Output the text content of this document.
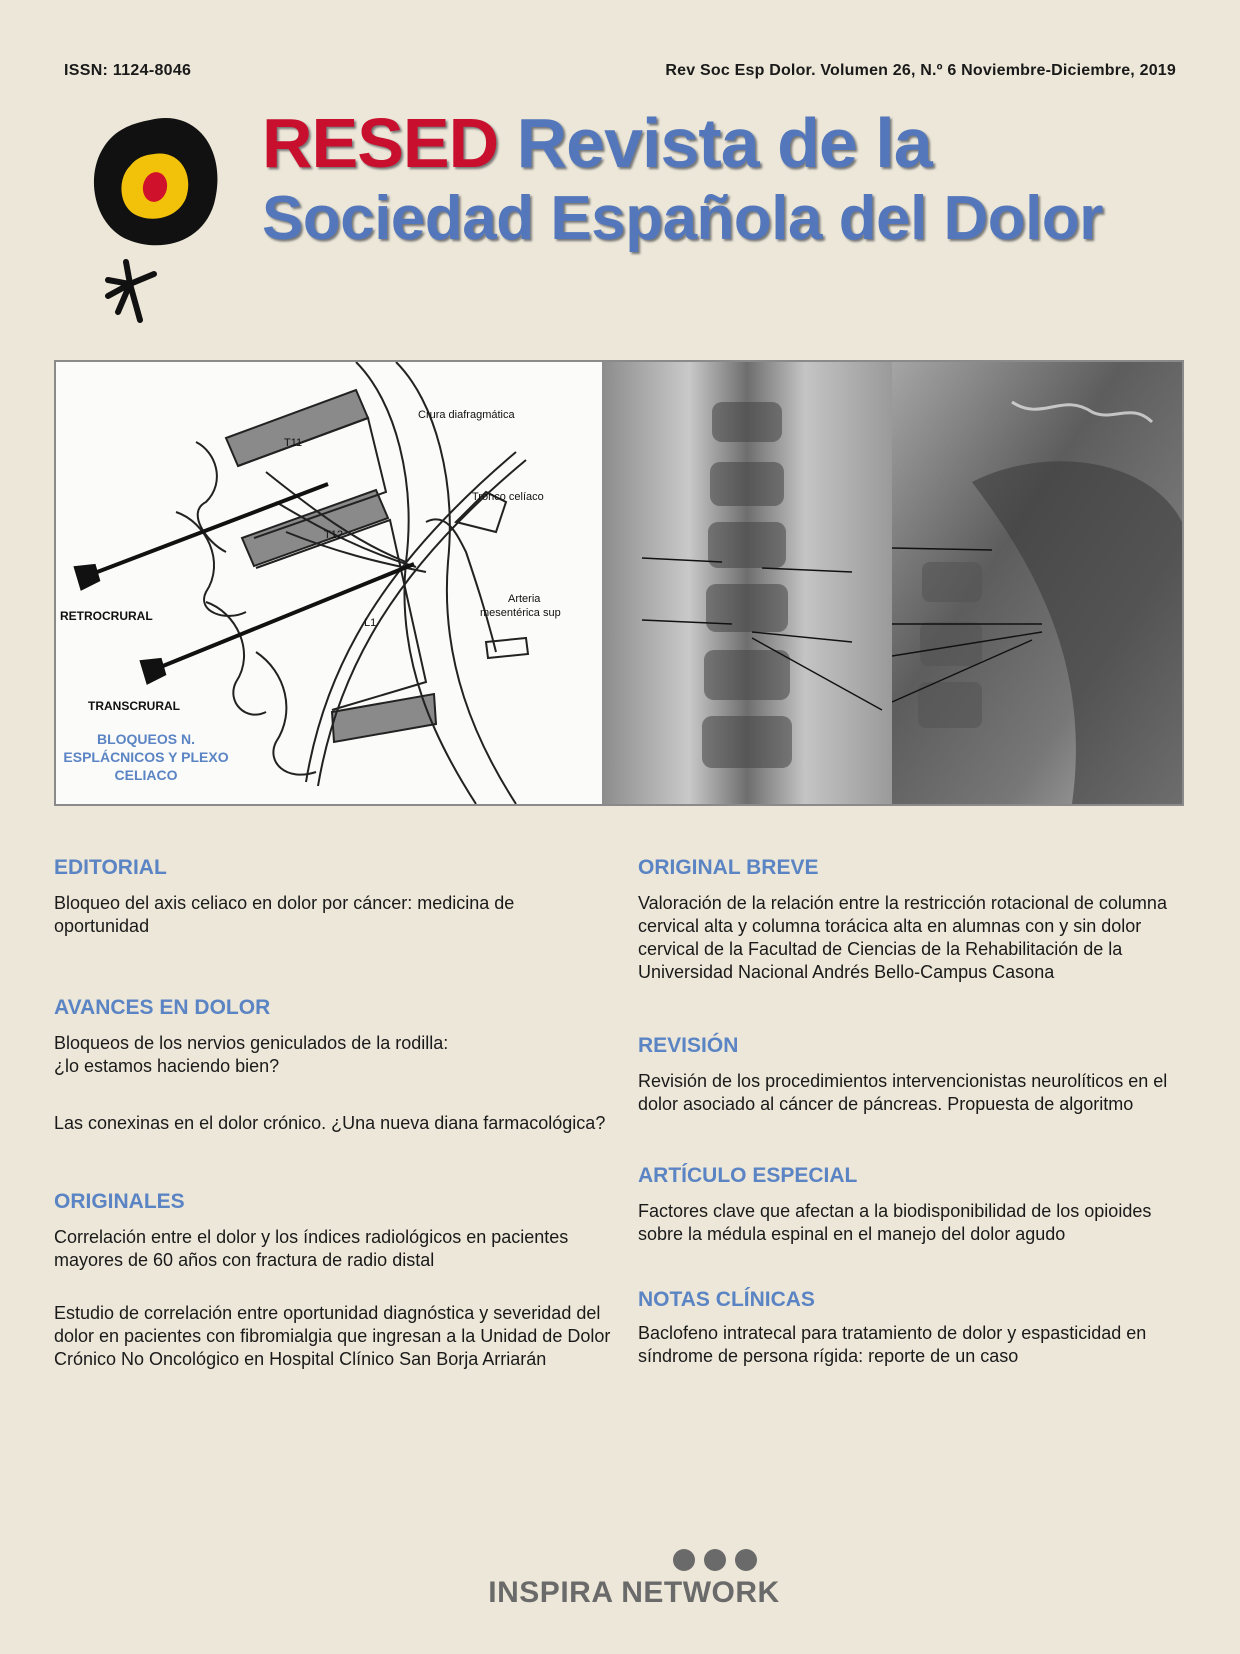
ISSN: 1124-8046	Rev Soc Esp Dolor. Volumen 26, N.º 6 Noviembre-Diciembre, 2019
RESED Revista de la
Sociedad Española del Dolor
Crura diafragmática
T11
T12
L1
Tronco celíaco
Arteria
mesentérica sup
RETROCRURAL
TRANSCRURAL
BLOQUEOS N.
ESPLÁCNICOS Y PLEXO
CELIACO
EDITORIAL
Bloqueo del axis celiaco en dolor por cáncer: medicina de oportunidad
AVANCES EN DOLOR
Bloqueos de los nervios geniculados de la rodilla: ¿lo estamos haciendo bien?
Las conexinas en el dolor crónico. ¿Una nueva diana farmacológica?
ORIGINALES
Correlación entre el dolor y los índices radiológicos en pacientes mayores de 60 años con fractura de radio distal
Estudio de correlación entre oportunidad diagnóstica y severidad del dolor en pacientes con fibromialgia que ingresan a la Unidad de Dolor Crónico No Oncológico en Hospital Clínico San Borja Arriarán
ORIGINAL BREVE
Valoración de la relación entre la restricción rotacional de columna cervical alta y columna torácica alta en alumnas con y sin dolor cervical de la Facultad de Ciencias de la Rehabilitación de la Universidad Nacional Andrés Bello-Campus Casona
REVISIÓN
Revisión de los procedimientos intervencionistas neurolíticos en el dolor asociado al cáncer de páncreas. Propuesta de algoritmo
ARTÍCULO ESPECIAL
Factores clave que afectan a la biodisponibilidad de los opioides sobre la médula espinal en el manejo del dolor agudo
NOTAS CLÍNICAS
Baclofeno intratecal para tratamiento de dolor y espasticidad en síndrome de persona rígida: reporte de un caso
INSPIRA NETWORK
